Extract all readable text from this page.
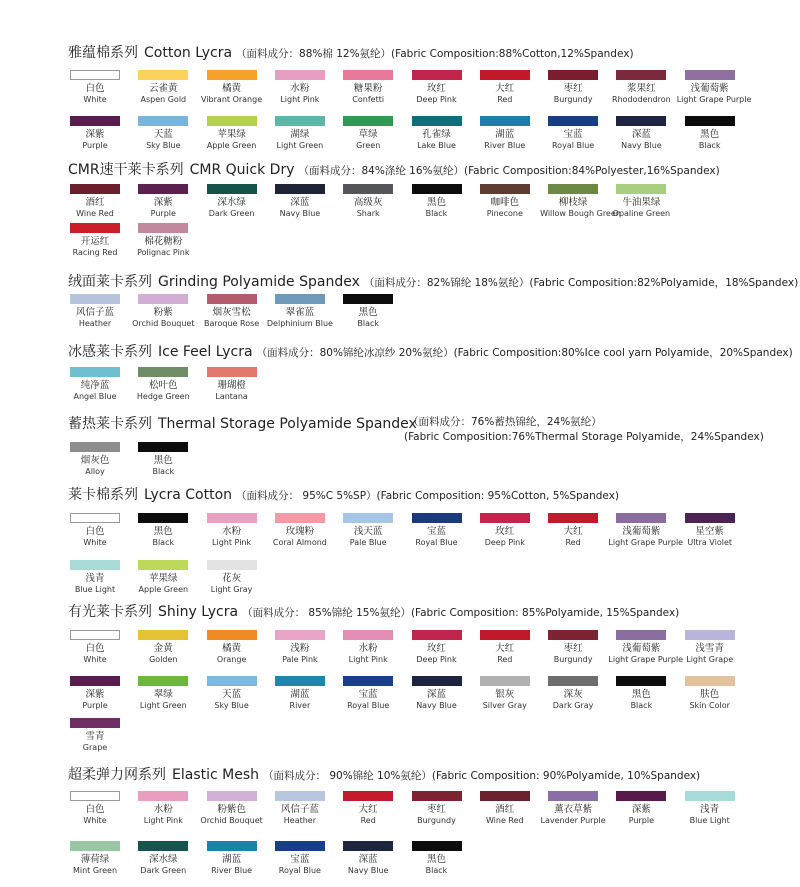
雅蕴棉系列 Cotton Lycra （面料成分：88%棉 12%氨纶）(Fabric Composition:88%Cotton,12%Spandex)
白色
White
云雀黄
Aspen Gold
橘黄
Vibrant Orange
水粉
Light Pink
糖果粉
Confetti
玫红
Deep Pink
大红
Red
枣红
Burgundy
浆果红
Rhododendron
浅葡萄紫
Light Grape Purple
深紫
Purple
天蓝
Sky Blue
苹果绿
Apple Green
湖绿
Light Green
草绿
Green
孔雀绿
Lake Blue
湖蓝
River Blue
宝蓝
Royal Blue
深蓝
Navy Blue
黑色
Black
CMR速干莱卡系列 CMR Quick Dry （面料成分：84%涤纶 16%氨纶）(Fabric Composition:84%Polyester,16%Spandex)
酒红
Wine Red
深紫
Purple
深水绿
Dark Green
深蓝
Navy Blue
高级灰
Shark
黑色
Black
咖啡色
Pinecone
柳枝绿
Willow Bough Green
牛油果绿
Opaline Green
开运红
Racing Red
棉花糖粉
Polignac Pink
绒面莱卡系列 Grinding Polyamide Spandex （面料成分：82%锦纶 18%氨纶）(Fabric Composition:82%Polyamide，18%Spandex)
风信子蓝
Heather
粉紫
Orchid Bouquet
烟灰雪松
Baroque Rose
翠雀蓝
Delphinium Blue
黑色
Black
冰感莱卡系列 Ice Feel Lycra （面料成分：80%锦纶冰凉纱 20%氨纶）(Fabric Composition:80%Ice cool yarn Polyamide，20%Spandex)
纯净蓝
Angel Blue
松叶色
Hedge Green
珊瑚橙
Lantana
蓄热莱卡系列 Thermal Storage Polyamide Spandex
（面料成分：76%蓄热锦纶，24%氨纶）
(Fabric Composition:76%Thermal Storage Polyamide，24%Spandex)
烟灰色
Alloy
黑色
Black
莱卡棉系列 Lycra Cotton （面料成分： 95%C 5%SP）(Fabric Composition: 95%Cotton, 5%Spandex)
白色
White
黑色
Black
水粉
Light Pink
玫瑰粉
Coral Almond
浅天蓝
Pale Blue
宝蓝
Royal Blue
玫红
Deep Pink
大红
Red
浅葡萄紫
Light Grape Purple
星空紫
Ultra Violet
浅青
Blue Light
苹果绿
Apple Green
花灰
Light Gray
有光莱卡系列 Shiny Lycra （面料成分： 85%锦纶 15%氨纶）(Fabric Composition: 85%Polyamide, 15%Spandex)
白色
White
金黄
Golden
橘黄
Orange
浅粉
Pale Pink
水粉
Light Pink
玫红
Deep Pink
大红
Red
枣红
Burgundy
浅葡萄紫
Light Grape Purple
浅雪青
Light Grape
深紫
Purple
翠绿
Light Green
天蓝
Sky Blue
湖蓝
River
宝蓝
Royal Blue
深蓝
Navy Blue
银灰
Silver Gray
深灰
Dark Gray
黑色
Black
肤色
Skin Color
雪青
Grape
超柔弹力网系列 Elastic Mesh （面料成分： 90%锦纶 10%氨纶）(Fabric Composition: 90%Polyamide, 10%Spandex)
白色
White
水粉
Light Pink
粉紫色
Orchid Bouquet
风信子蓝
Heather
大红
Red
枣红
Burgundy
酒红
Wine Red
薰衣草紫
Lavender Purple
深紫
Purple
浅青
Blue Light
薄荷绿
Mint Green
深水绿
Dark Green
湖蓝
River Blue
宝蓝
Royal Blue
深蓝
Navy Blue
黑色
Black
